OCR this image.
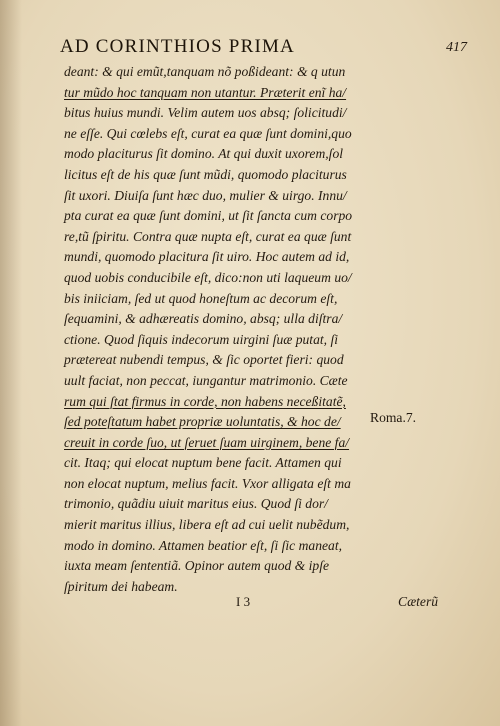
AD CORINTHIOS PRIMA	417
deant: & qui emũt,tanquam nõ poßideant: & q utun
tur mũdo hoc tanquam non utantur. Prӕterit enĩ ha/
bitus huius mundi. Velim autem uos absq; ſolicitudi/
ne eſſe. Qui cœlebs eſt, curat ea quӕ ſunt domini,quo
modo placiturus ſit domino. At qui duxit uxorem,ſol
licitus eſt de his quӕ ſunt mũdi, quomodo placiturus
ſit uxori. Diuiſa ſunt hӕc duo, mulier & uirgo. Innu/
pta curat ea quӕ ſunt domini, ut ſit ſancta cum corpo
re,tũ ſpiritu. Contra quӕ nupta eſt, curat ea quӕ ſunt
mundi, quomodo placitura ſit uiro. Hoc autem ad id,
quod uobis conducibile eſt, dico:non uti laqueum uo/
bis iniiciam, ſed ut quod honeſtum ac decorum eſt,
ſequamini, & adhӕreatis domino, absq; ulla diſtra/
ctione. Quod ſiquis indecorum uirgini ſuӕ putat, ſi
prӕtereat nubendi tempus, & ſic oportet fieri: quod
uult faciat, non peccat, iungantur matrimonio. Cӕte
rum qui ſtat firmus in corde, non habens neceßitatẽ,
ſed poteſtatum habet propriӕ uoluntatis, & hoc de/
creuit in corde ſuo, ut ſeruet ſuam uirginem, bene fa/
cit. Itaq; qui elocat nuptum bene facit. Attamen qui
non elocat nuptum, melius facit. Vxor alligata eſt ma
trimonio, quãdiu uiuit maritus eius. Quod ſi dor/
mierit maritus illius, libera eſt ad cui uelit nubẽdum,
modo in domino. Attamen beatior eſt, ſi ſic maneat,
iuxta meam ſententiã. Opinor autem quod & ipſe
ſpiritum dei habeam.
Roma.7.
I 3	Cӕterũ
